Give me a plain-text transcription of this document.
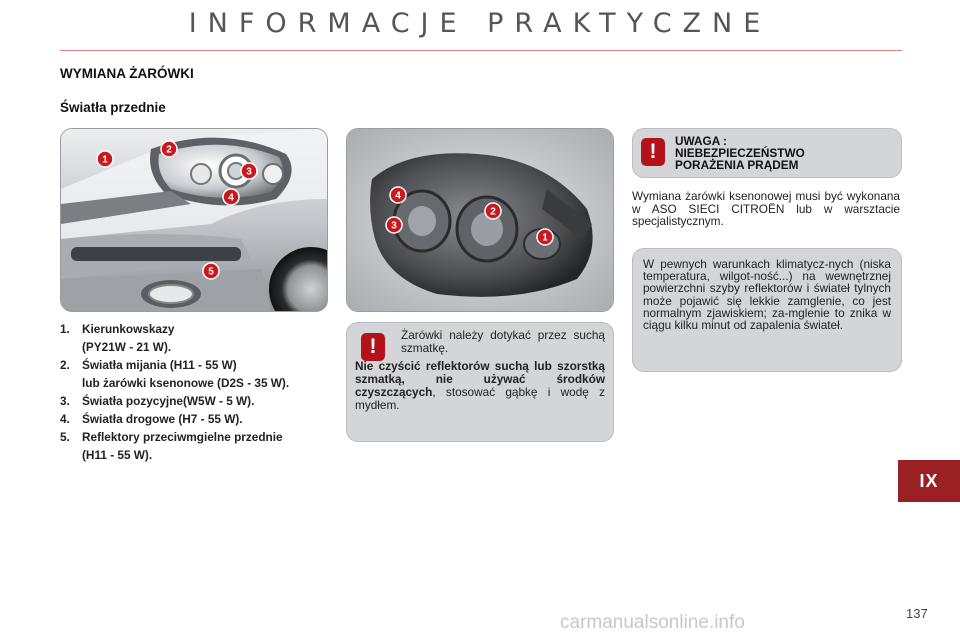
INFORMACJE PRAKTYCZNE
WYMIANA ŻARÓWKI
Światła przednie
1
2
3
4
5
1
2
3
4
1.	Kierunkowskazy
(PY21W - 21 W).
2.	Światła mijania (H11 - 55 W)
lub żarówki ksenonowe (D2S - 35 W).
3.	Światła pozycyjne(W5W - 5 W).
4.	Światła drogowe (H7 - 55 W).
5.	Reflektory przeciwmgielne przednie
(H11 - 55 W).
!	Żarówki należy dotykać przez suchą szmatkę.
Nie czyścić reflektorów suchą lub szorstką szmatką, nie używać środków czyszczących, stosować gąbkę i wodę z mydłem.
!	UWAGA :
NIEBEZPIECZEŃSTWO
PORAŻENIA PRĄDEM
Wymiana żarówki ksenonowej musi być wykonana w ASO SIECI CITROËN lub w warsztacie specjalistycznym.
W pewnych warunkach klimatycz-nych (niska temperatura, wilgot-ność...) na wewnętrznej powierzchni szyby reflektorów i świateł tylnych może pojawić się lekkie zamglenie, co jest normalnym zjawiskiem; za-mglenie to znika w ciągu kilku minut od zapalenia świateł.
IX
carmanualsonline.info	137
